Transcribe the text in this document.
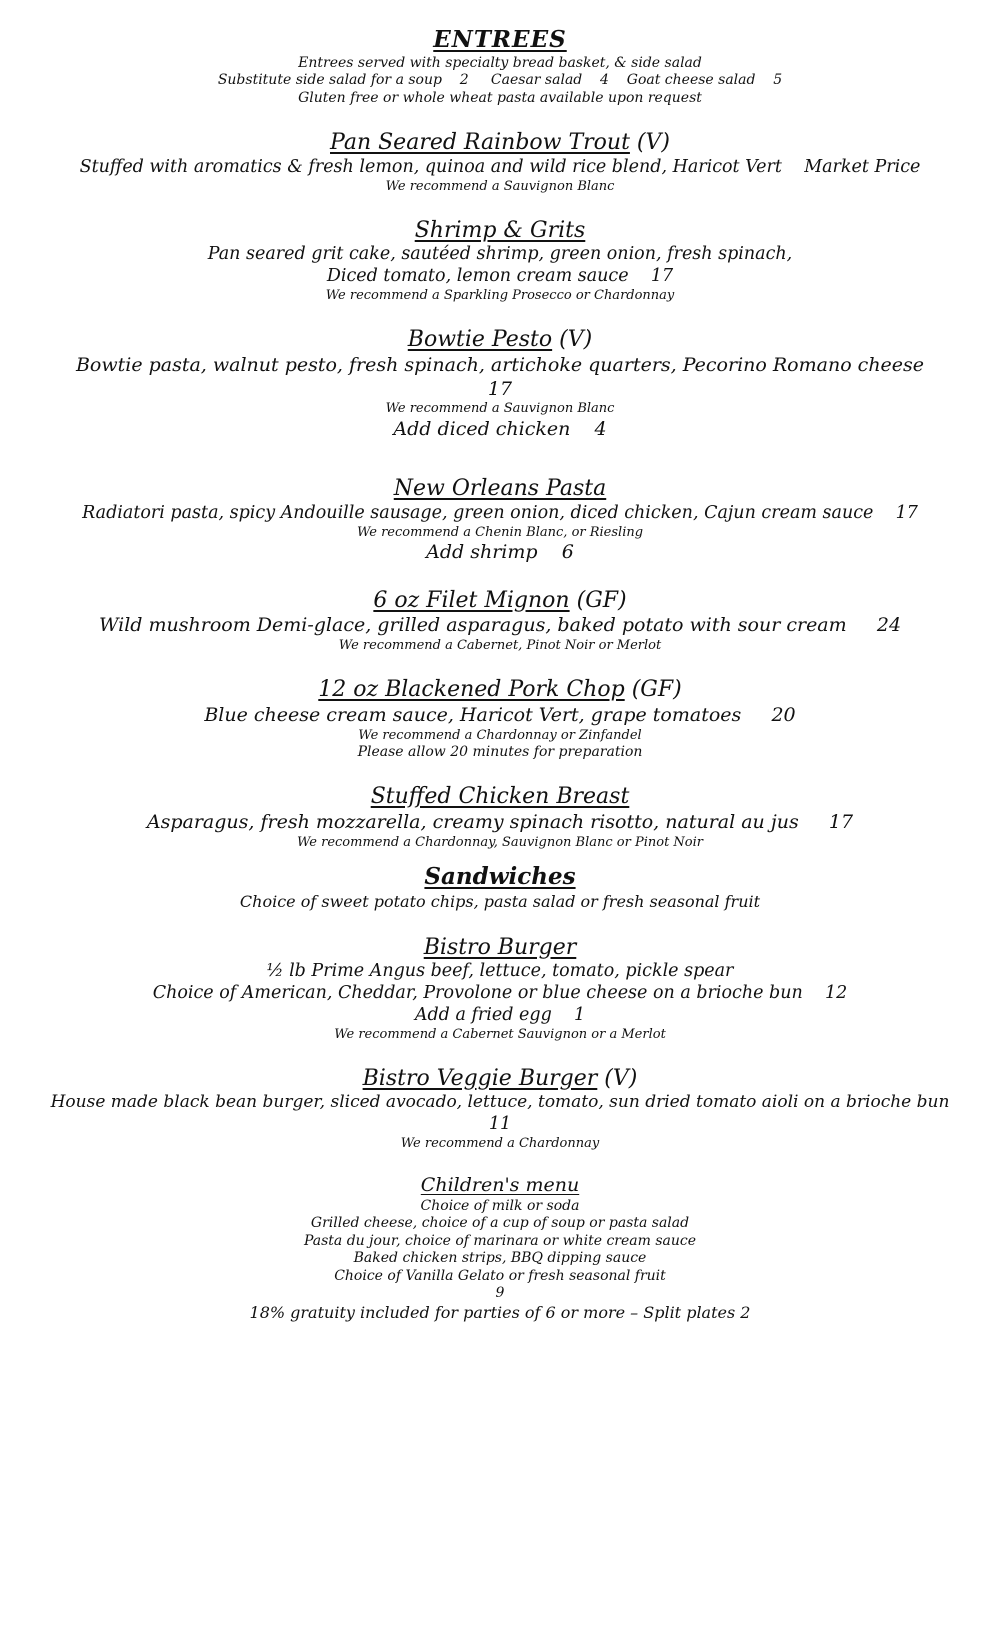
ENTREES
Entrees served with specialty bread basket, & side salad
Substitute side salad for a soup    2     Caesar salad    4    Goat cheese salad    5
Gluten free or whole wheat pasta available upon request
Pan Seared Rainbow Trout (V)
Stuffed with aromatics & fresh lemon, quinoa and wild rice blend, Haricot Vert    Market Price
We recommend a Sauvignon Blanc
Shrimp & Grits
Pan seared grit cake, sautéed shrimp, green onion, fresh spinach,
Diced tomato, lemon cream sauce    17
We recommend a Sparkling Prosecco or Chardonnay
Bowtie Pesto (V)
Bowtie pasta, walnut pesto, fresh spinach, artichoke quarters, Pecorino Romano cheese
17
We recommend a Sauvignon Blanc
Add diced chicken    4
New Orleans Pasta
Radiatori pasta, spicy Andouille sausage, green onion, diced chicken, Cajun cream sauce    17
We recommend a Chenin Blanc, or Riesling
Add shrimp    6
6 oz Filet Mignon (GF)
Wild mushroom Demi-glace, grilled asparagus, baked potato with sour cream     24
We recommend a Cabernet, Pinot Noir or Merlot
12 oz Blackened Pork Chop (GF)
Blue cheese cream sauce, Haricot Vert, grape tomatoes     20
We recommend a Chardonnay or Zinfandel
Please allow 20 minutes for preparation
Stuffed Chicken Breast
Asparagus, fresh mozzarella, creamy spinach risotto, natural au jus     17
We recommend a Chardonnay, Sauvignon Blanc or Pinot Noir
Sandwiches
Choice of sweet potato chips, pasta salad or fresh seasonal fruit
Bistro Burger
½ lb Prime Angus beef, lettuce, tomato, pickle spear
Choice of American, Cheddar, Provolone or blue cheese on a brioche bun    12
Add a fried egg    1
We recommend a Cabernet Sauvignon or a Merlot
Bistro Veggie Burger (V)
House made black bean burger, sliced avocado, lettuce, tomato, sun dried tomato aioli on a brioche bun
11
We recommend a Chardonnay
Children's menu
Choice of milk or soda
Grilled cheese, choice of a cup of soup or pasta salad
Pasta du jour, choice of marinara or white cream sauce
Baked chicken strips, BBQ dipping sauce
Choice of Vanilla Gelato or fresh seasonal fruit
9
18% gratuity included for parties of 6 or more – Split plates 2
